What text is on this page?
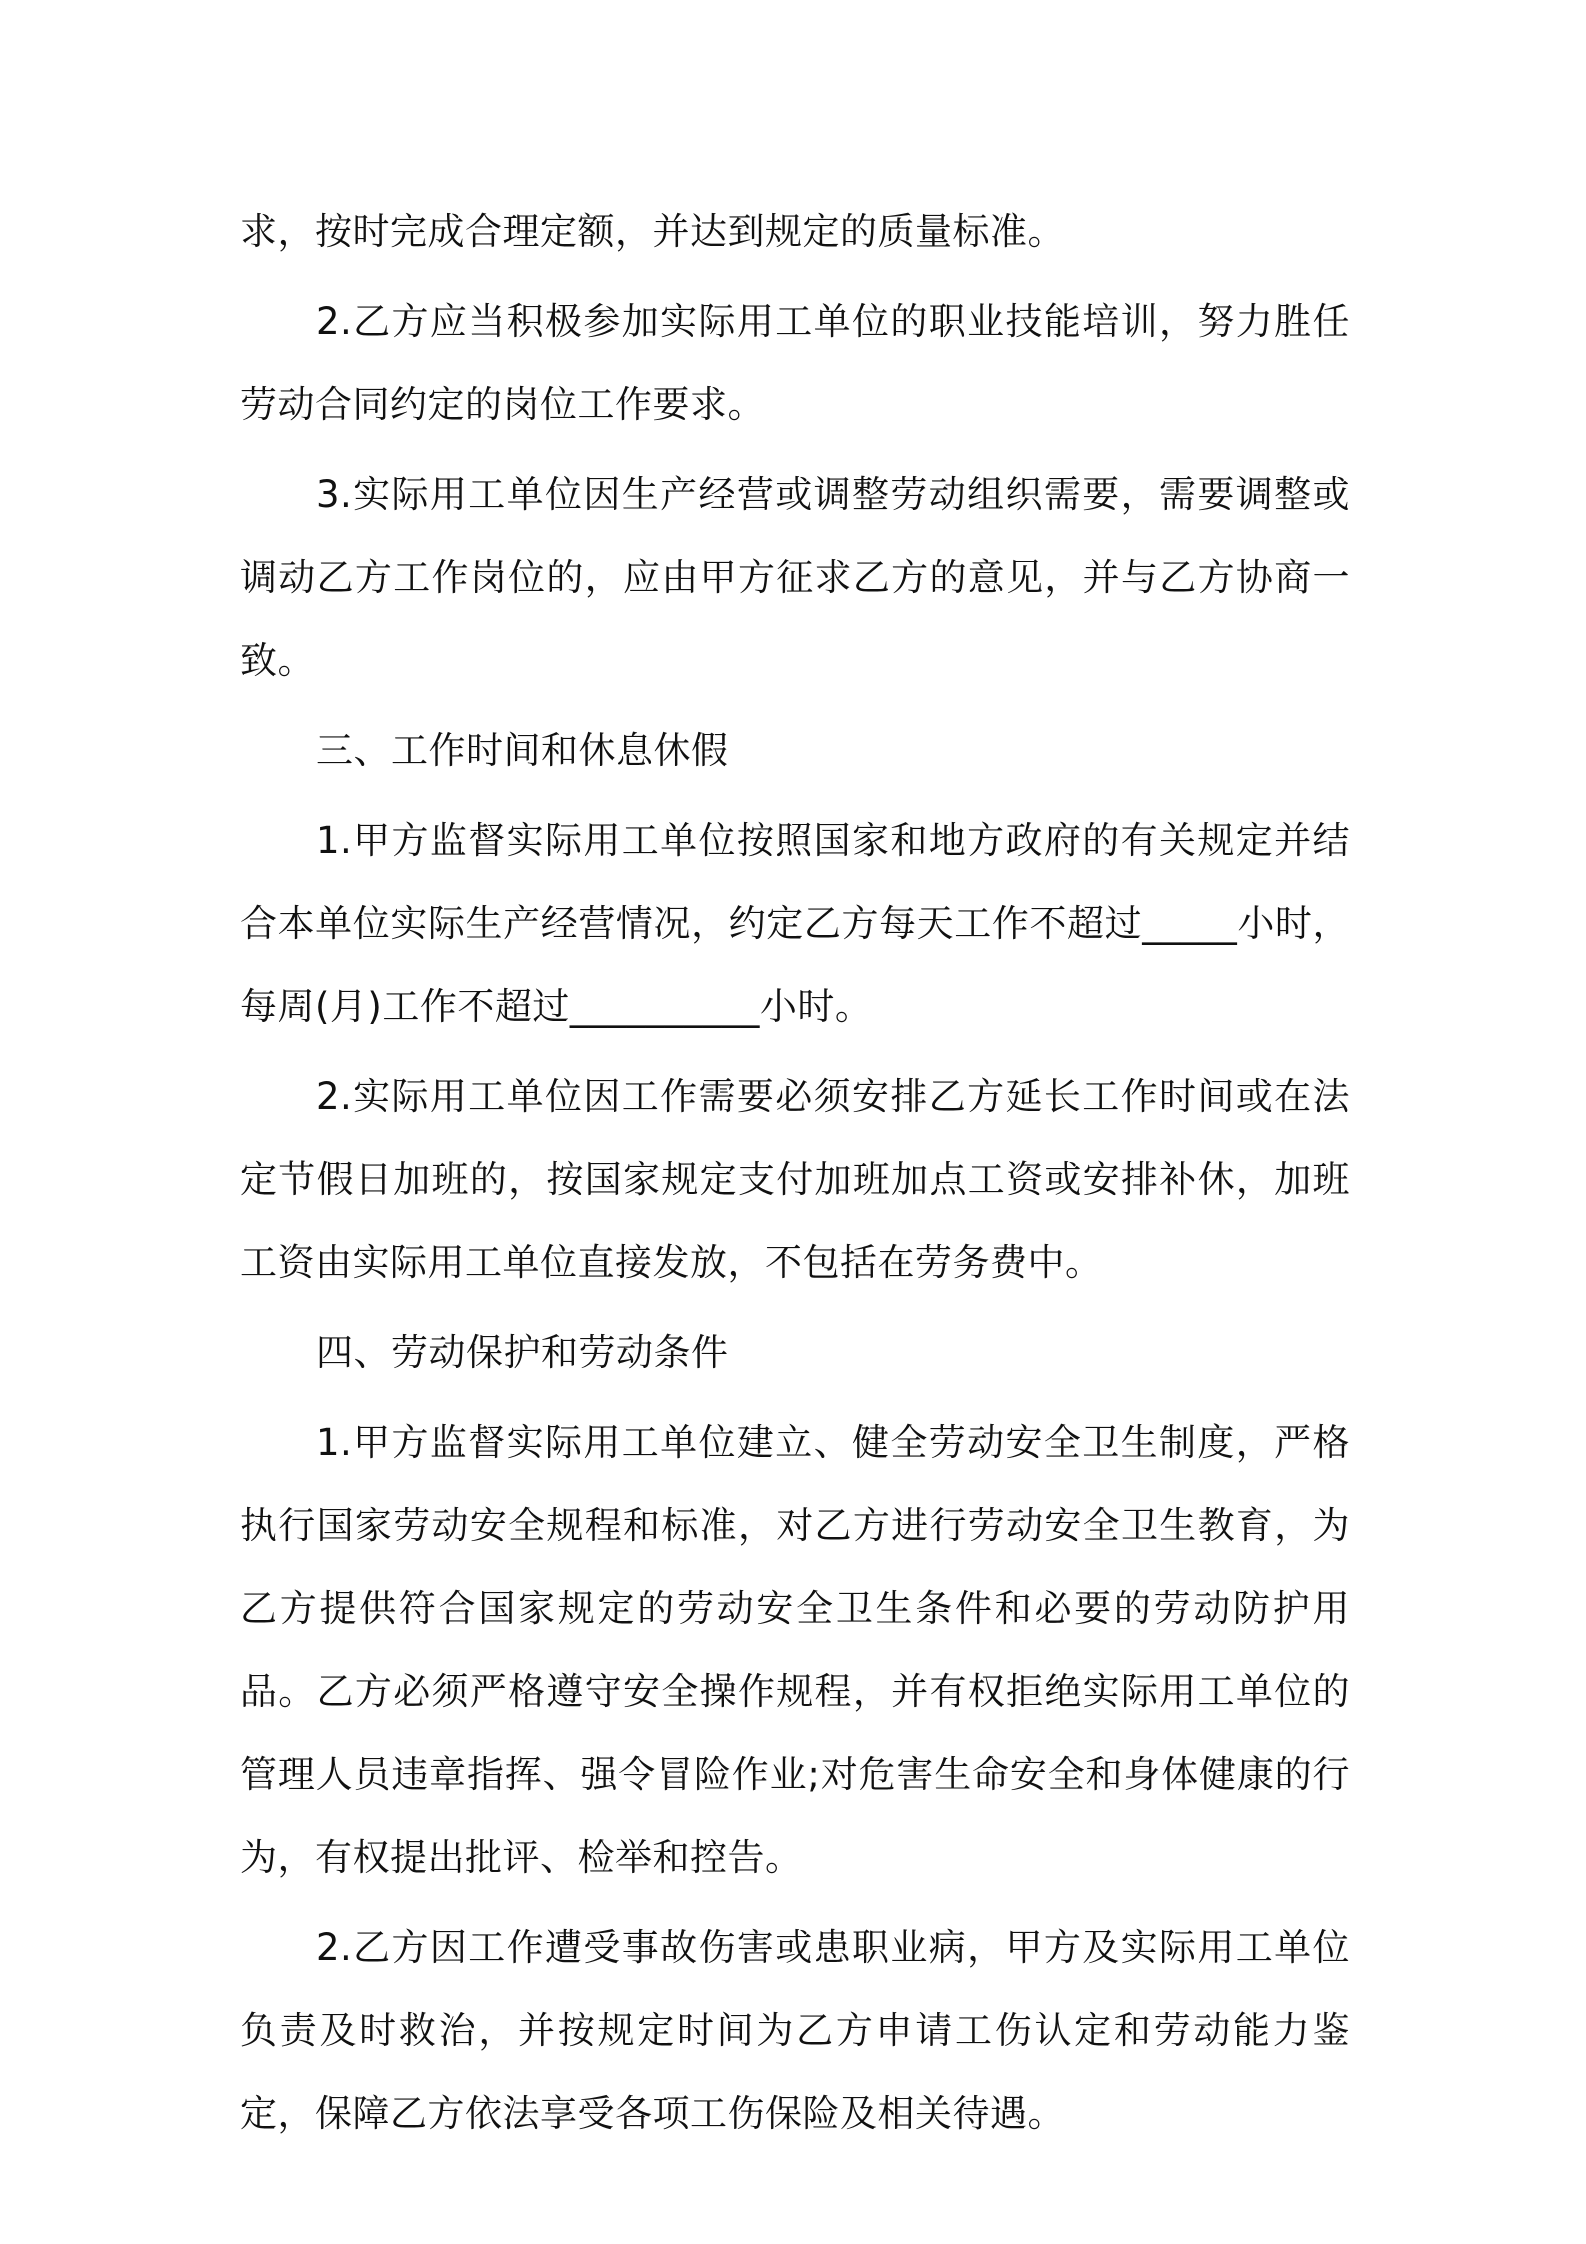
求，按时完成合理定额，并达到规定的质量标准。

2.乙方应当积极参加实际用工单位的职业技能培训，努力胜任劳动合同约定的岗位工作要求。

3.实际用工单位因生产经营或调整劳动组织需要，需要调整或调动乙方工作岗位的，应由甲方征求乙方的意见，并与乙方协商一致。

三、工作时间和休息休假

1.甲方监督实际用工单位按照国家和地方政府的有关规定并结合本单位实际生产经营情况，约定乙方每天工作不超过_____小时，每周(月)工作不超过__________小时。

2.实际用工单位因工作需要必须安排乙方延长工作时间或在法定节假日加班的，按国家规定支付加班加点工资或安排补休，加班工资由实际用工单位直接发放，不包括在劳务费中。

四、劳动保护和劳动条件

1.甲方监督实际用工单位建立、健全劳动安全卫生制度，严格执行国家劳动安全规程和标准，对乙方进行劳动安全卫生教育，为乙方提供符合国家规定的劳动安全卫生条件和必要的劳动防护用品。乙方必须严格遵守安全操作规程，并有权拒绝实际用工单位的管理人员违章指挥、强令冒险作业;对危害生命安全和身体健康的行为，有权提出批评、检举和控告。

2.乙方因工作遭受事故伤害或患职业病，甲方及实际用工单位负责及时救治，并按规定时间为乙方申请工伤认定和劳动能力鉴定，保障乙方依法享受各项工伤保险及相关待遇。
